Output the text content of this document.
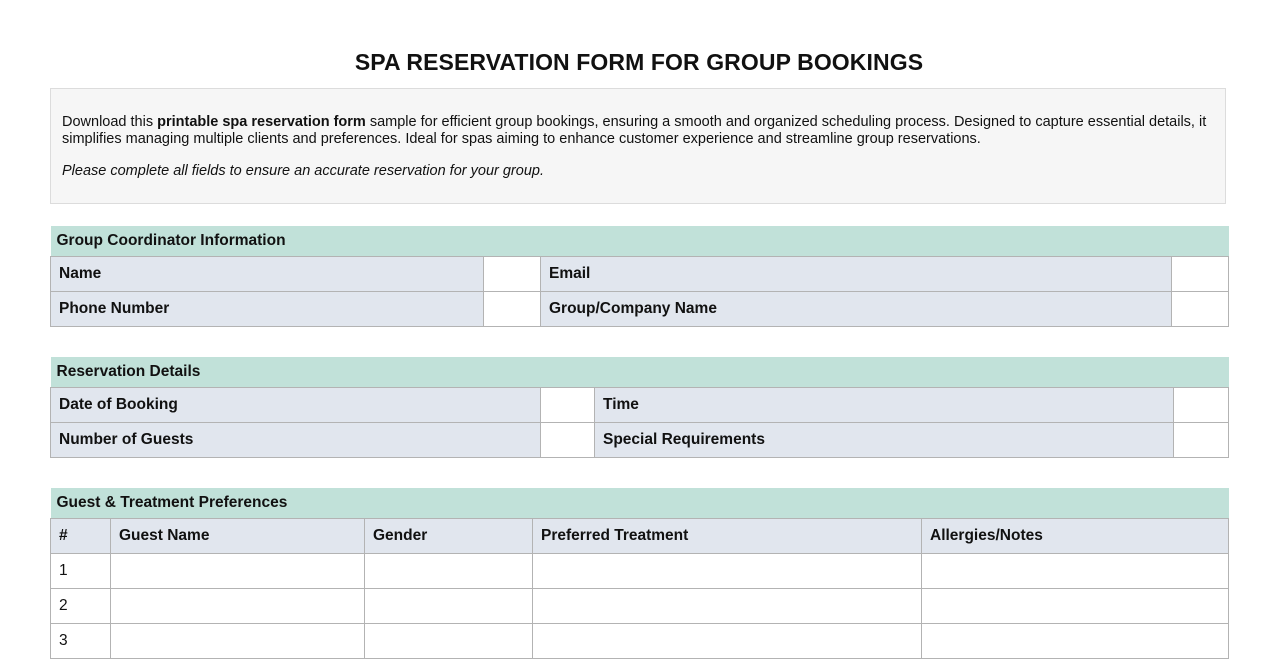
SPA RESERVATION FORM FOR GROUP BOOKINGS

Download this printable spa reservation form sample for efficient group bookings, ensuring a smooth and organized scheduling process. Designed to capture essential details, it simplifies managing multiple clients and preferences. Ideal for spas aiming to enhance customer experience and streamline group reservations.

Please complete all fields to ensure an accurate reservation for your group.

Group Coordinator Information			
Name		Email	
Phone Number		Group/Company Name	
Reservation Details			
Date of Booking		Time	
Number of Guests		Special Requirements	
Guest & Treatment Preferences				
#	Guest Name	Gender	Preferred Treatment	Allergies/Notes
1				
2				
3				
